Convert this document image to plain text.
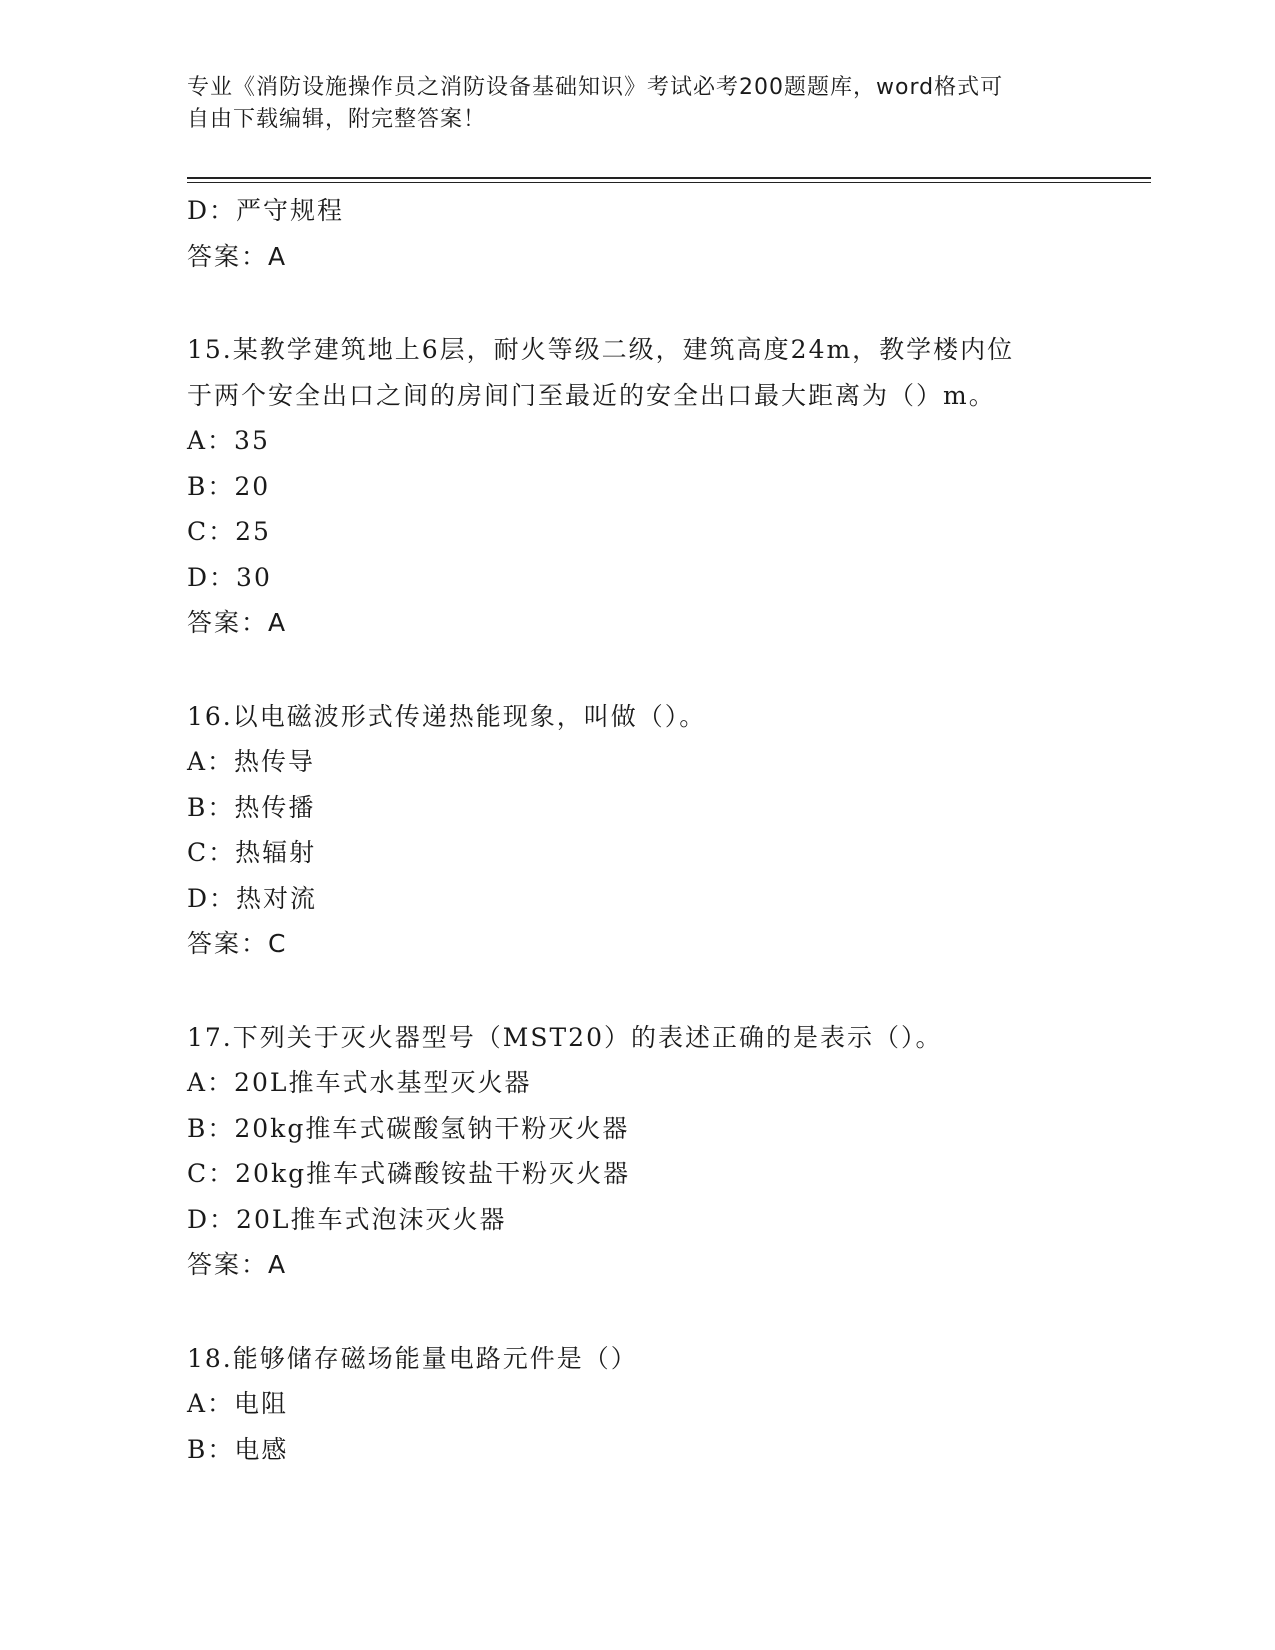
专业《消防设施操作员之消防设备基础知识》考试必考200题题库，word格式可
自由下载编辑，附完整答案！
D：严守规程
答案：A
15.某教学建筑地上6层，耐火等级二级，建筑高度24m，教学楼内位
于两个安全出口之间的房间门至最近的安全出口最大距离为（）m。
A：35
B：20
C：25
D：30
答案：A
16.以电磁波形式传递热能现象，叫做（）。
A：热传导
B：热传播
C：热辐射
D：热对流
答案：C
17.下列关于灭火器型号（MST20）的表述正确的是表示（）。
A：20L推车式水基型灭火器
B：20kg推车式碳酸氢钠干粉灭火器
C：20kg推车式磷酸铵盐干粉灭火器
D：20L推车式泡沫灭火器
答案：A
18.能够储存磁场能量电路元件是（）
A：电阻
B：电感
